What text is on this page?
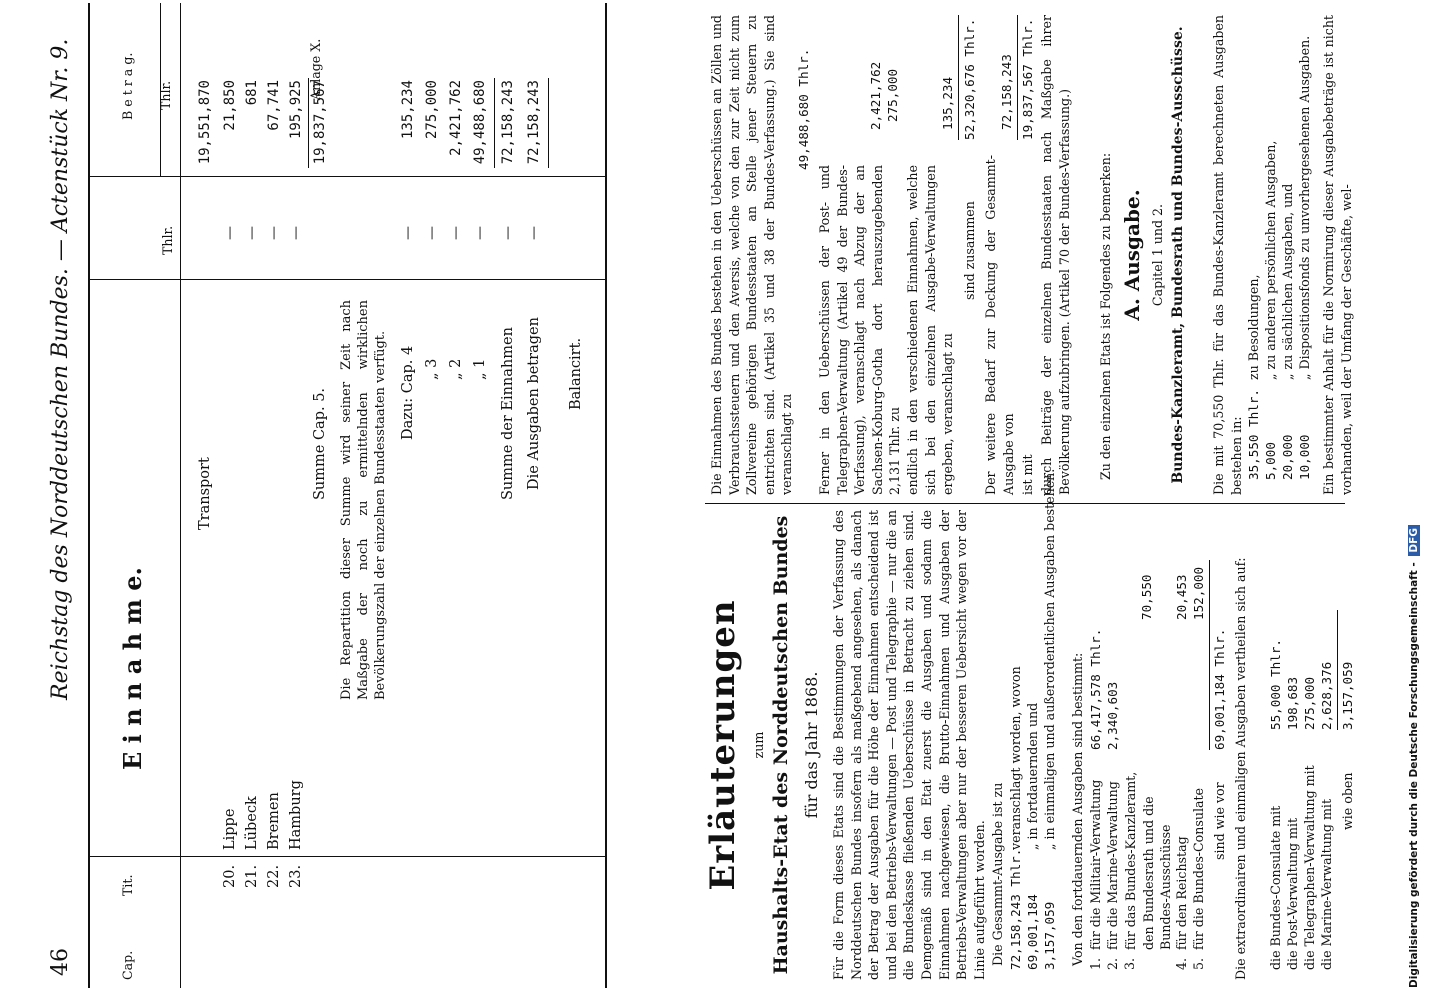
46
Reichstag des Norddeutschen Bundes. — Actenstück Nr. 9.
Cap.
Tit.
E i n n a h m e.
Thlr.
B e t r a g. Thlr.
Transport
19,551,870
20.
Lippe
—
21,850
21.
Lübeck
—
681
22.
Bremen
—
67,741
23.
Hamburg
—
195,925
Summe Cap. 5.
19,837,567
Anlage X.
Die Repartition dieser Summe wird seiner Zeit nach Maßgabe der noch zu ermittelnden wirklichen Bevölkerungszahl der einzelnen Bundesstaaten verfügt. Dazu: Cap. 4
—
135,234
„ 3
—
275,000
„ 2
—
2,421,762
„ 1
—
49,488,680
Summe der Einnahmen
—
72,158,243
Die Ausgaben betragen
—
72,158,243
Balancirt.
Erläuterungen zum Haushalts-Etat des Norddeutschen Bundes für das Jahr 1868. Für die Form dieses Etats sind die Bestimmungen der Verfassung des Norddeutschen Bundes insofern als maßgebend angesehen, als danach der Betrag der Ausgaben für die Höhe der Einnahmen entscheidend ist und bei den Betriebs-Verwaltungen — Post und Telegraphie — nur die an die Bundeskasse fließenden Ueberschüsse in Betracht zu ziehen sind. Demgemäß sind in den Etat zuerst die Ausgaben und sodann die Einnahmen nachgewiesen, die Brutto-Einnahmen und Ausgaben der Betriebs-Verwaltungen aber nur der besseren Uebersicht wegen vor der Linie aufgeführt worden. Die Gesammt-Ausgabe ist zu 72,158,243 Thlr.
veranschlagt worden, wovon
69,001,184
„ in fortdauernden und
3,157,059
„ in einmaligen und außerordentlichen Ausgaben bestehen. Von den fortdauernden Ausgaben sind bestimmt: 1.
für die Militair-Verwaltung
66,417,578 Thlr.
2.
für die Marine-Verwaltung
2,340,603
3.
für das Bundes-Kanzleramt, den Bundesrath und die Bundes-Ausschüsse
70,550
4.
für den Reichstag
20,453
5.
für die Bundes-Consulate
152,000
sind wie vor
69,001,184 Thlr. Die extraordinairen und einmaligen Ausgaben vertheilen sich auf: die Bundes-Consulate mit
55,000 Thlr.
die Post-Verwaltung mit
198,683
die Telegraphen-Verwaltung mit
275,000
die Marine-Verwaltung mit
2,628,376
wie oben
3,157,059
Die Einnahmen des Bundes bestehen in den Ueberschüssen an Zöllen und Verbrauchssteuern und den Aversis, welche von den zur Zeit nicht zum Zollvereine gehörigen Bundesstaaten an Stelle jener Steuern zu entrichten sind. (Artikel 35 und 38 der Bundes-Verfassung.) Sie sind veranschlagt zu
49,488,680 Thlr.
Ferner in den Ueberschüssen der Post- und Telegraphen-Verwaltung (Artikel 49 der Bundes-Verfassung), veranschlagt nach Abzug der an Sachsen-Koburg-Gotha dort herauszugebenden 2,131 Thlr. zu
2,421,762 275,000
endlich in den verschiedenen Einnahmen, welche sich bei den einzelnen Ausgabe-Verwaltungen ergeben, veranschlagt zu
135,234
sind zusammen
52,320,676 Thlr.
Der weitere Bedarf zur Deckung der Gesammt-Ausgabe von
72,158,243
ist mit
19,837,567 Thlr. durch Beiträge der einzelnen Bundesstaaten nach Maßgabe ihrer Bevölkerung aufzubringen. (Artikel 70 der Bundes-Verfassung.) Zu den einzelnen Etats ist Folgendes zu bemerken: A. Ausgabe. Capitel 1 und 2. Bundes-Kanzleramt, Bundesrath und Bundes-Ausschüsse. Die mit 70,550 Thlr. für das Bundes-Kanzleramt berechneten Ausgaben bestehen in: 35,550 Thlr.
zu Besoldungen,
5,000
„ zu anderen persönlichen Ausgaben,
20,000
„ zu sächlichen Ausgaben, und
10,000
„ Dispositionsfonds zu unvorhergesehenen Ausgaben. Ein bestimmter Anhalt für die Normirung dieser Ausgabebeträge ist nicht vorhanden, weil der Umfang der Geschäfte, wel-
Digitalisierung gefördert durch die Deutsche Forschungsgemeinschaft - DFG
